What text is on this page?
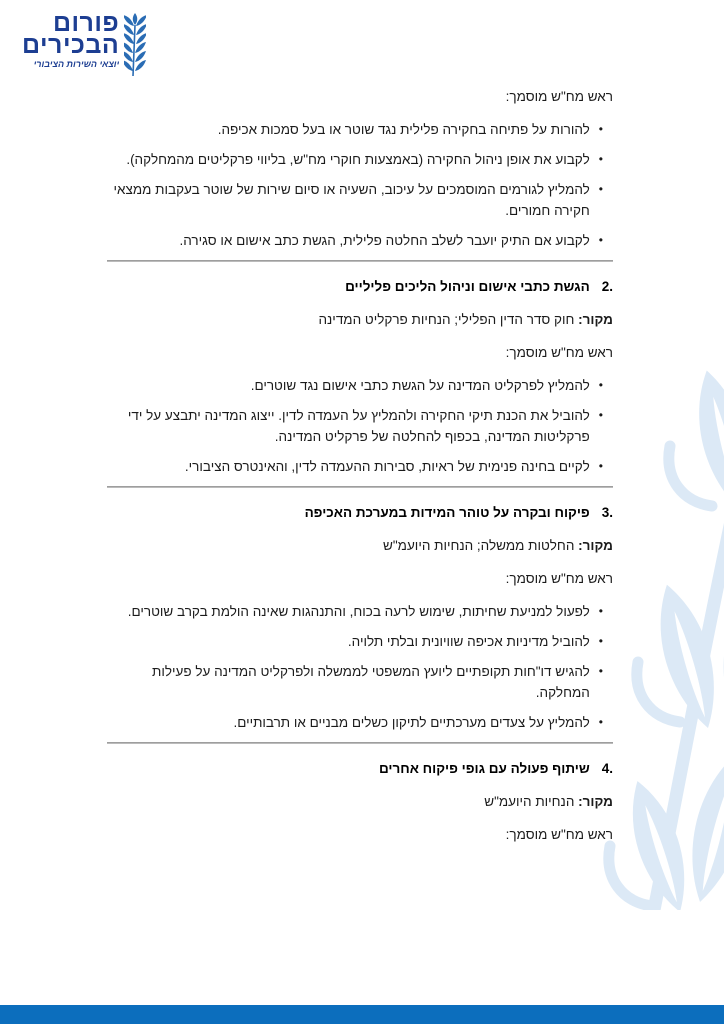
פורום
הבכירים
יוצאי השירות הציבורי

ראש מח"ש מוסמך:

•
להורות על פתיחה בחקירה פלילית נגד שוטר או בעל סמכות אכיפה.
•
לקבוע את אופן ניהול החקירה (באמצעות חוקרי מח"ש, בליווי פרקליטים מהמחלקה).
•
להמליץ לגורמים המוסמכים על עיכוב, השעיה או סיום שירות של שוטר בעקבות ממצאי חקירה חמורים.
•
לקבוע אם התיק יועבר לשלב החלטה פלילית, הגשת כתב אישום או סגירה.
2.
הגשת כתבי אישום וניהול הליכים פליליים

מקור: חוק סדר הדין הפלילי; הנחיות פרקליט המדינה

ראש מח"ש מוסמך:

•
להמליץ לפרקליט המדינה על הגשת כתבי אישום נגד שוטרים.
•
להוביל את הכנת תיקי החקירה ולהמליץ על העמדה לדין. ייצוג המדינה יתבצע על ידי פרקליטות המדינה, בכפוף להחלטה של פרקליט המדינה.
•
לקיים בחינה פנימית של ראיות, סבירות ההעמדה לדין, והאינטרס הציבורי.
3.
פיקוח ובקרה על טוהר המידות במערכת האכיפה

מקור: החלטות ממשלה; הנחיות היועמ"ש

ראש מח"ש מוסמך:

•
לפעול למניעת שחיתות, שימוש לרעה בכוח, והתנהגות שאינה הולמת בקרב שוטרים.
•
להוביל מדיניות אכיפה שוויונית ובלתי תלויה.
•
להגיש דו"חות תקופתיים ליועץ המשפטי לממשלה ולפרקליט המדינה על פעילות המחלקה.
•
להמליץ על צעדים מערכתיים לתיקון כשלים מבניים או תרבותיים.
4.
שיתוף פעולה עם גופי פיקוח אחרים

מקור: הנחיות היועמ"ש

ראש מח"ש מוסמך:
